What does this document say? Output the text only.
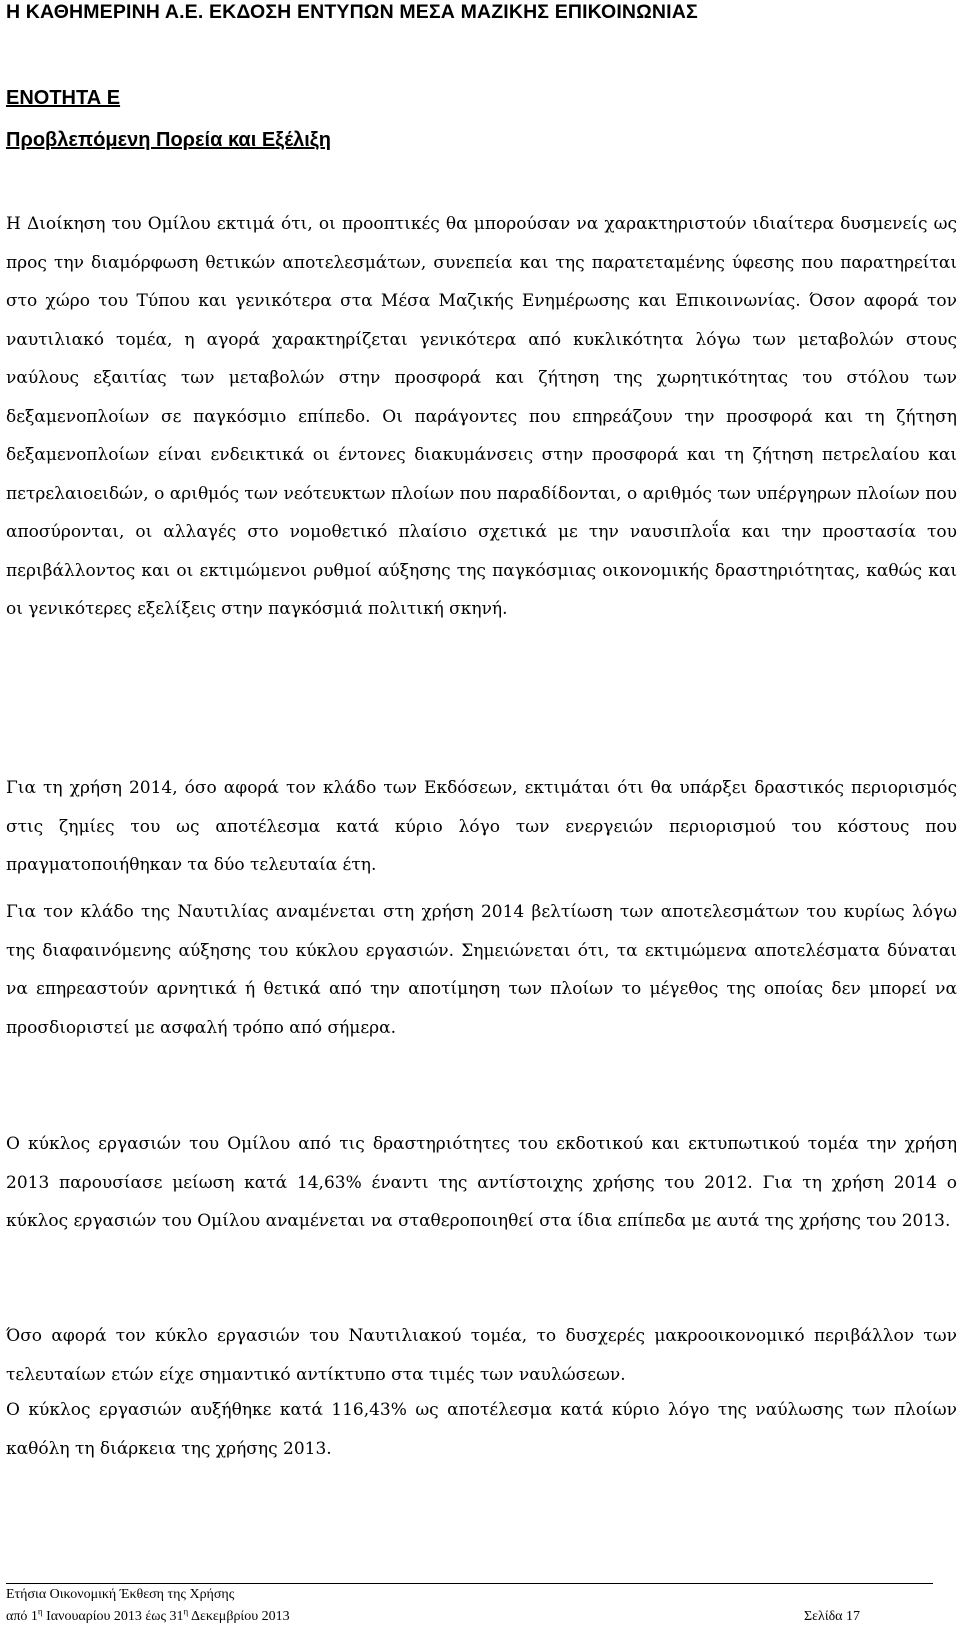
Η ΚΑΘΗΜΕΡΙΝΗ Α.Ε. ΕΚΔΟΣΗ ΕΝΤΥΠΩΝ ΜΕΣΑ ΜΑΖΙΚΗΣ ΕΠΙΚΟΙΝΩΝΙΑΣ
ΕΝΟΤΗΤΑ Ε
Προβλεπόμενη Πορεία και Εξέλιξη

Η Διοίκηση του Ομίλου εκτιμά ότι, οι προοπτικές θα μπορούσαν να χαρακτηριστούν ιδιαίτερα δυσμενείς ως προς την διαμόρφωση θετικών αποτελεσμάτων, συνεπεία και της παρατεταμένης ύφεσης που παρατηρείται στο χώρο του Τύπου και γενικότερα στα Μέσα Μαζικής Ενημέρωσης και Επικοινωνίας. Όσον αφορά τον ναυτιλιακό τομέα, η αγορά χαρακτηρίζεται γενικότερα από κυκλικότητα λόγω των μεταβολών στους ναύλους εξαιτίας των μεταβολών στην προσφορά και ζήτηση της χωρητικότητας του στόλου των δεξαμενοπλοίων σε παγκόσμιο επίπεδο. Οι παράγοντες που επηρεάζουν την προσφορά και τη ζήτηση δεξαμενοπλοίων είναι ενδεικτικά οι έντονες διακυμάνσεις στην προσφορά και τη ζήτηση πετρελαίου και πετρελαιοειδών, ο αριθμός των νεότευκτων πλοίων που παραδίδονται, ο αριθμός των υπέργηρων πλοίων που αποσύρονται, οι αλλαγές στο νομοθετικό πλαίσιο σχετικά με την ναυσιπλοΐα και την προστασία του περιβάλλοντος και οι εκτιμώμενοι ρυθμοί αύξησης της παγκόσμιας οικονομικής δραστηριότητας, καθώς και οι γενικότερες εξελίξεις στην παγκόσμιά πολιτική σκηνή.

Για τη χρήση 2014, όσο αφορά τον κλάδο των Εκδόσεων, εκτιμάται ότι θα υπάρξει δραστικός περιορισμός στις ζημίες του ως αποτέλεσμα κατά κύριο λόγο των ενεργειών περιορισμού του κόστους που πραγματοποιήθηκαν τα δύο τελευταία έτη.

Για τον κλάδο της Ναυτιλίας αναμένεται στη χρήση 2014 βελτίωση των αποτελεσμάτων του κυρίως λόγω της διαφαινόμενης αύξησης του κύκλου εργασιών. Σημειώνεται ότι, τα εκτιμώμενα αποτελέσματα δύναται να επηρεαστούν αρνητικά ή θετικά από την αποτίμηση των πλοίων το μέγεθος της οποίας δεν μπορεί να προσδιοριστεί με ασφαλή τρόπο από σήμερα.

Ο κύκλος εργασιών του Ομίλου από τις δραστηριότητες του εκδοτικού και εκτυπωτικού τομέα την χρήση 2013 παρουσίασε μείωση κατά 14,63% έναντι της αντίστοιχης χρήσης του 2012. Για τη χρήση 2014 ο κύκλος εργασιών του Ομίλου αναμένεται να σταθεροποιηθεί στα ίδια επίπεδα με αυτά της χρήσης του 2013.

Όσο αφορά τον κύκλο εργασιών του Ναυτιλιακού τομέα, το δυσχερές μακροοικονομικό περιβάλλον των τελευταίων ετών είχε σημαντικό αντίκτυπο στα τιμές των ναυλώσεων.

Ο κύκλος εργασιών αυξήθηκε κατά 116,43% ως αποτέλεσμα κατά κύριο λόγο της ναύλωσης των πλοίων καθόλη τη διάρκεια της χρήσης 2013.

Ετήσια Οικονομική Έκθεση της Χρήσης
από $1^\eta$ Ιανουαρίου 2013 έως $31^\eta$ Δεκεμβρίου 2013	Σελίδα 17
